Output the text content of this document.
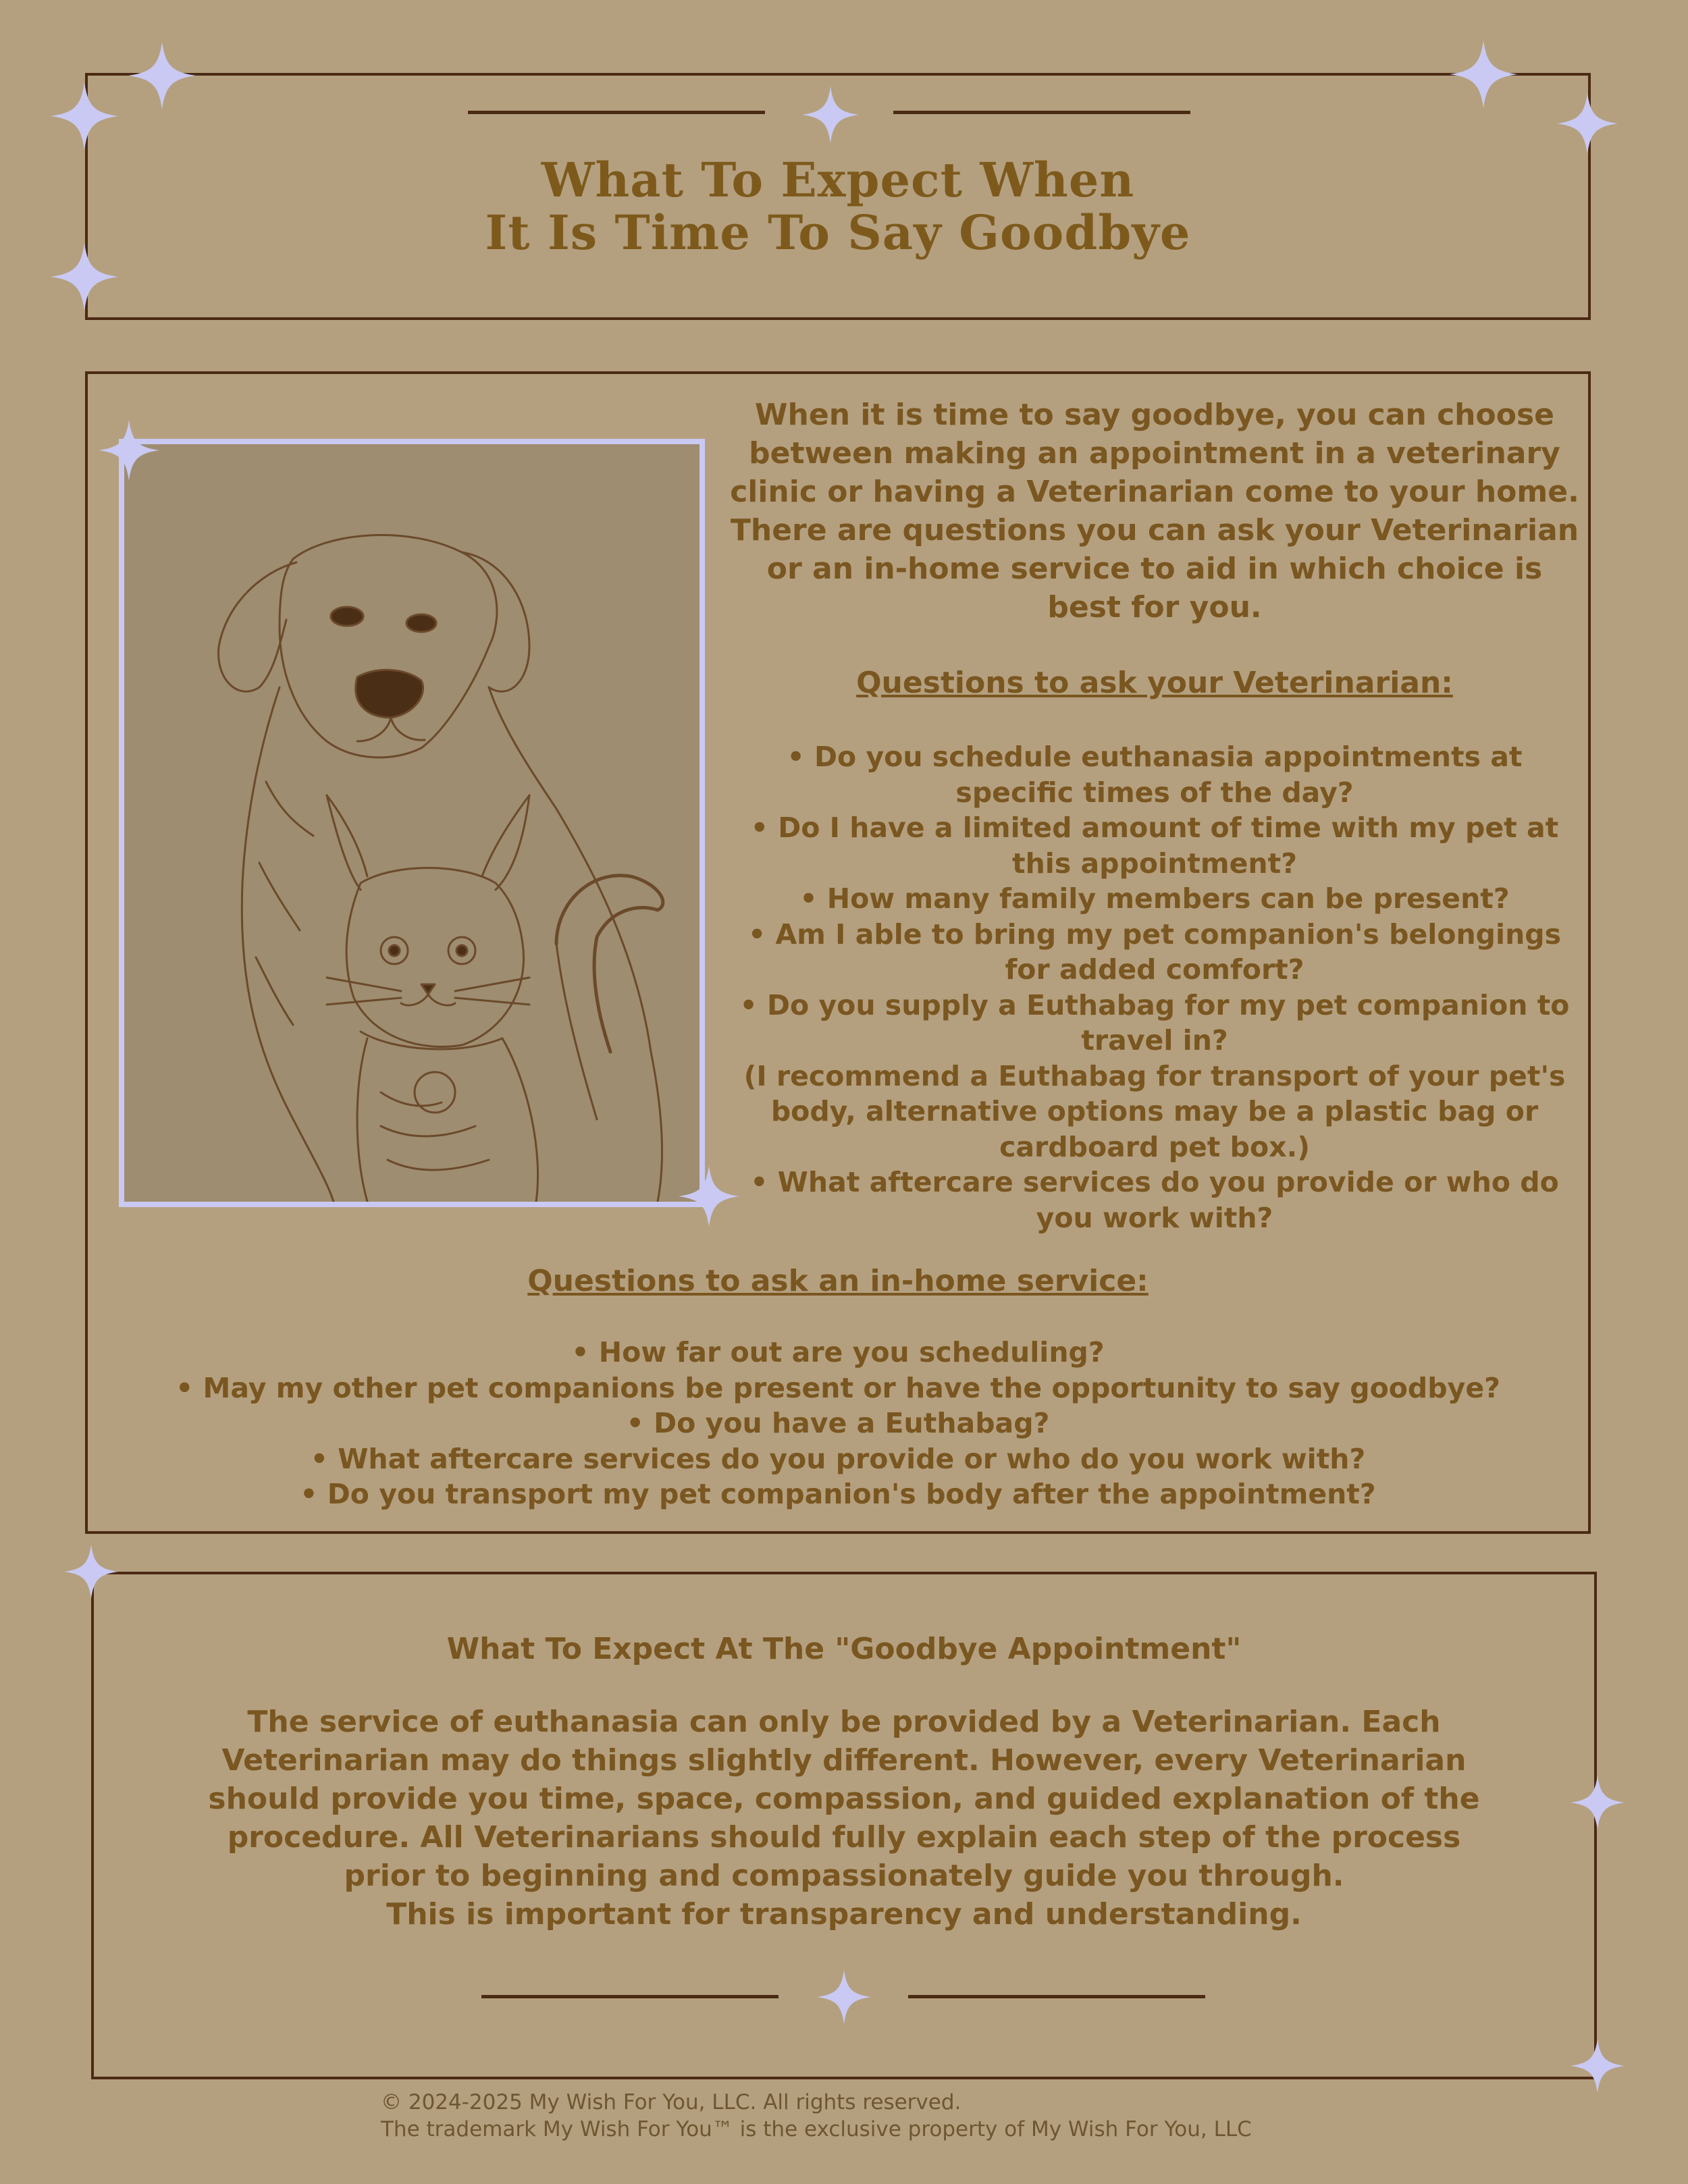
What To Expect When
It Is Time To Say Goodbye

When it is time to say goodbye, you can choose between making an appointment in a veterinary clinic or having a Veterinarian come to your home. There are questions you can ask your Veterinarian or an in-home service to aid in which choice is best for you.

Questions to ask your Veterinarian:

• Do you schedule euthanasia appointments at specific times of the day?
• Do I have a limited amount of time with my pet at this appointment?
• How many family members can be present?
• Am I able to bring my pet companion's belongings for added comfort?
• Do you supply a Euthabag for my pet companion to travel in?
(I recommend a Euthabag for transport of your pet's body, alternative options may be a plastic bag or cardboard pet box.)
• What aftercare services do you provide or who do you work with?

Questions to ask an in-home service:

• How far out are you scheduling?
• May my other pet companions be present or have the opportunity to say goodbye?
• Do you have a Euthabag?
• What aftercare services do you provide or who do you work with?
• Do you transport my pet companion's body after the appointment?

What To Expect At The "Goodbye Appointment"

The service of euthanasia can only be provided by a Veterinarian. Each Veterinarian may do things slightly different. However, every Veterinarian should provide you time, space, compassion, and guided explanation of the procedure. All Veterinarians should fully explain each step of the process prior to beginning and compassionately guide you through.
This is important for transparency and understanding.

© 2024-2025 My Wish For You, LLC. All rights reserved.
The trademark My Wish For You™ is the exclusive property of My Wish For You, LLC
